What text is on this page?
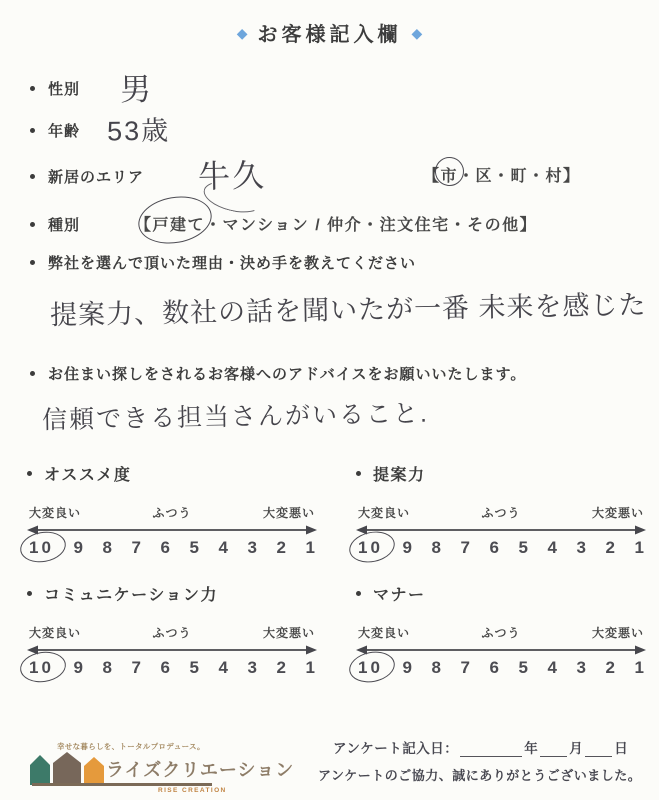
◆ お客様記入欄 ◆
性別 男
年齢 53歳
新居のエリア 牛久	【市・区・町・村】
種別	【戸建て・マンション / 仲介・注文住宅・その他】
弊社を選んで頂いた理由・決め手を教えてください
提案力、数社の話を聞いたが一番 未来を感じた
お住まい探しをされるお客様へのアドバイスをお願いいたします。
信頼できる担当さんがいること.
オススメ度
大変良い	ふつう	大変悪い
10 9 8 7 6 5 4 3 2 1
提案力
大変良い	ふつう	大変悪い
10 9 8 7 6 5 4 3 2 1
コミュニケーション力
大変良い	ふつう	大変悪い
10 9 8 7 6 5 4 3 2 1
マナー
大変良い	ふつう	大変悪い
10 9 8 7 6 5 4 3 2 1
幸せな暮らしを、トータルプロデュース。
ライズクリエーション
RISE CREATION
アンケート記入日：	年 月 日
アンケートのご協力、誠にありがとうございました。
